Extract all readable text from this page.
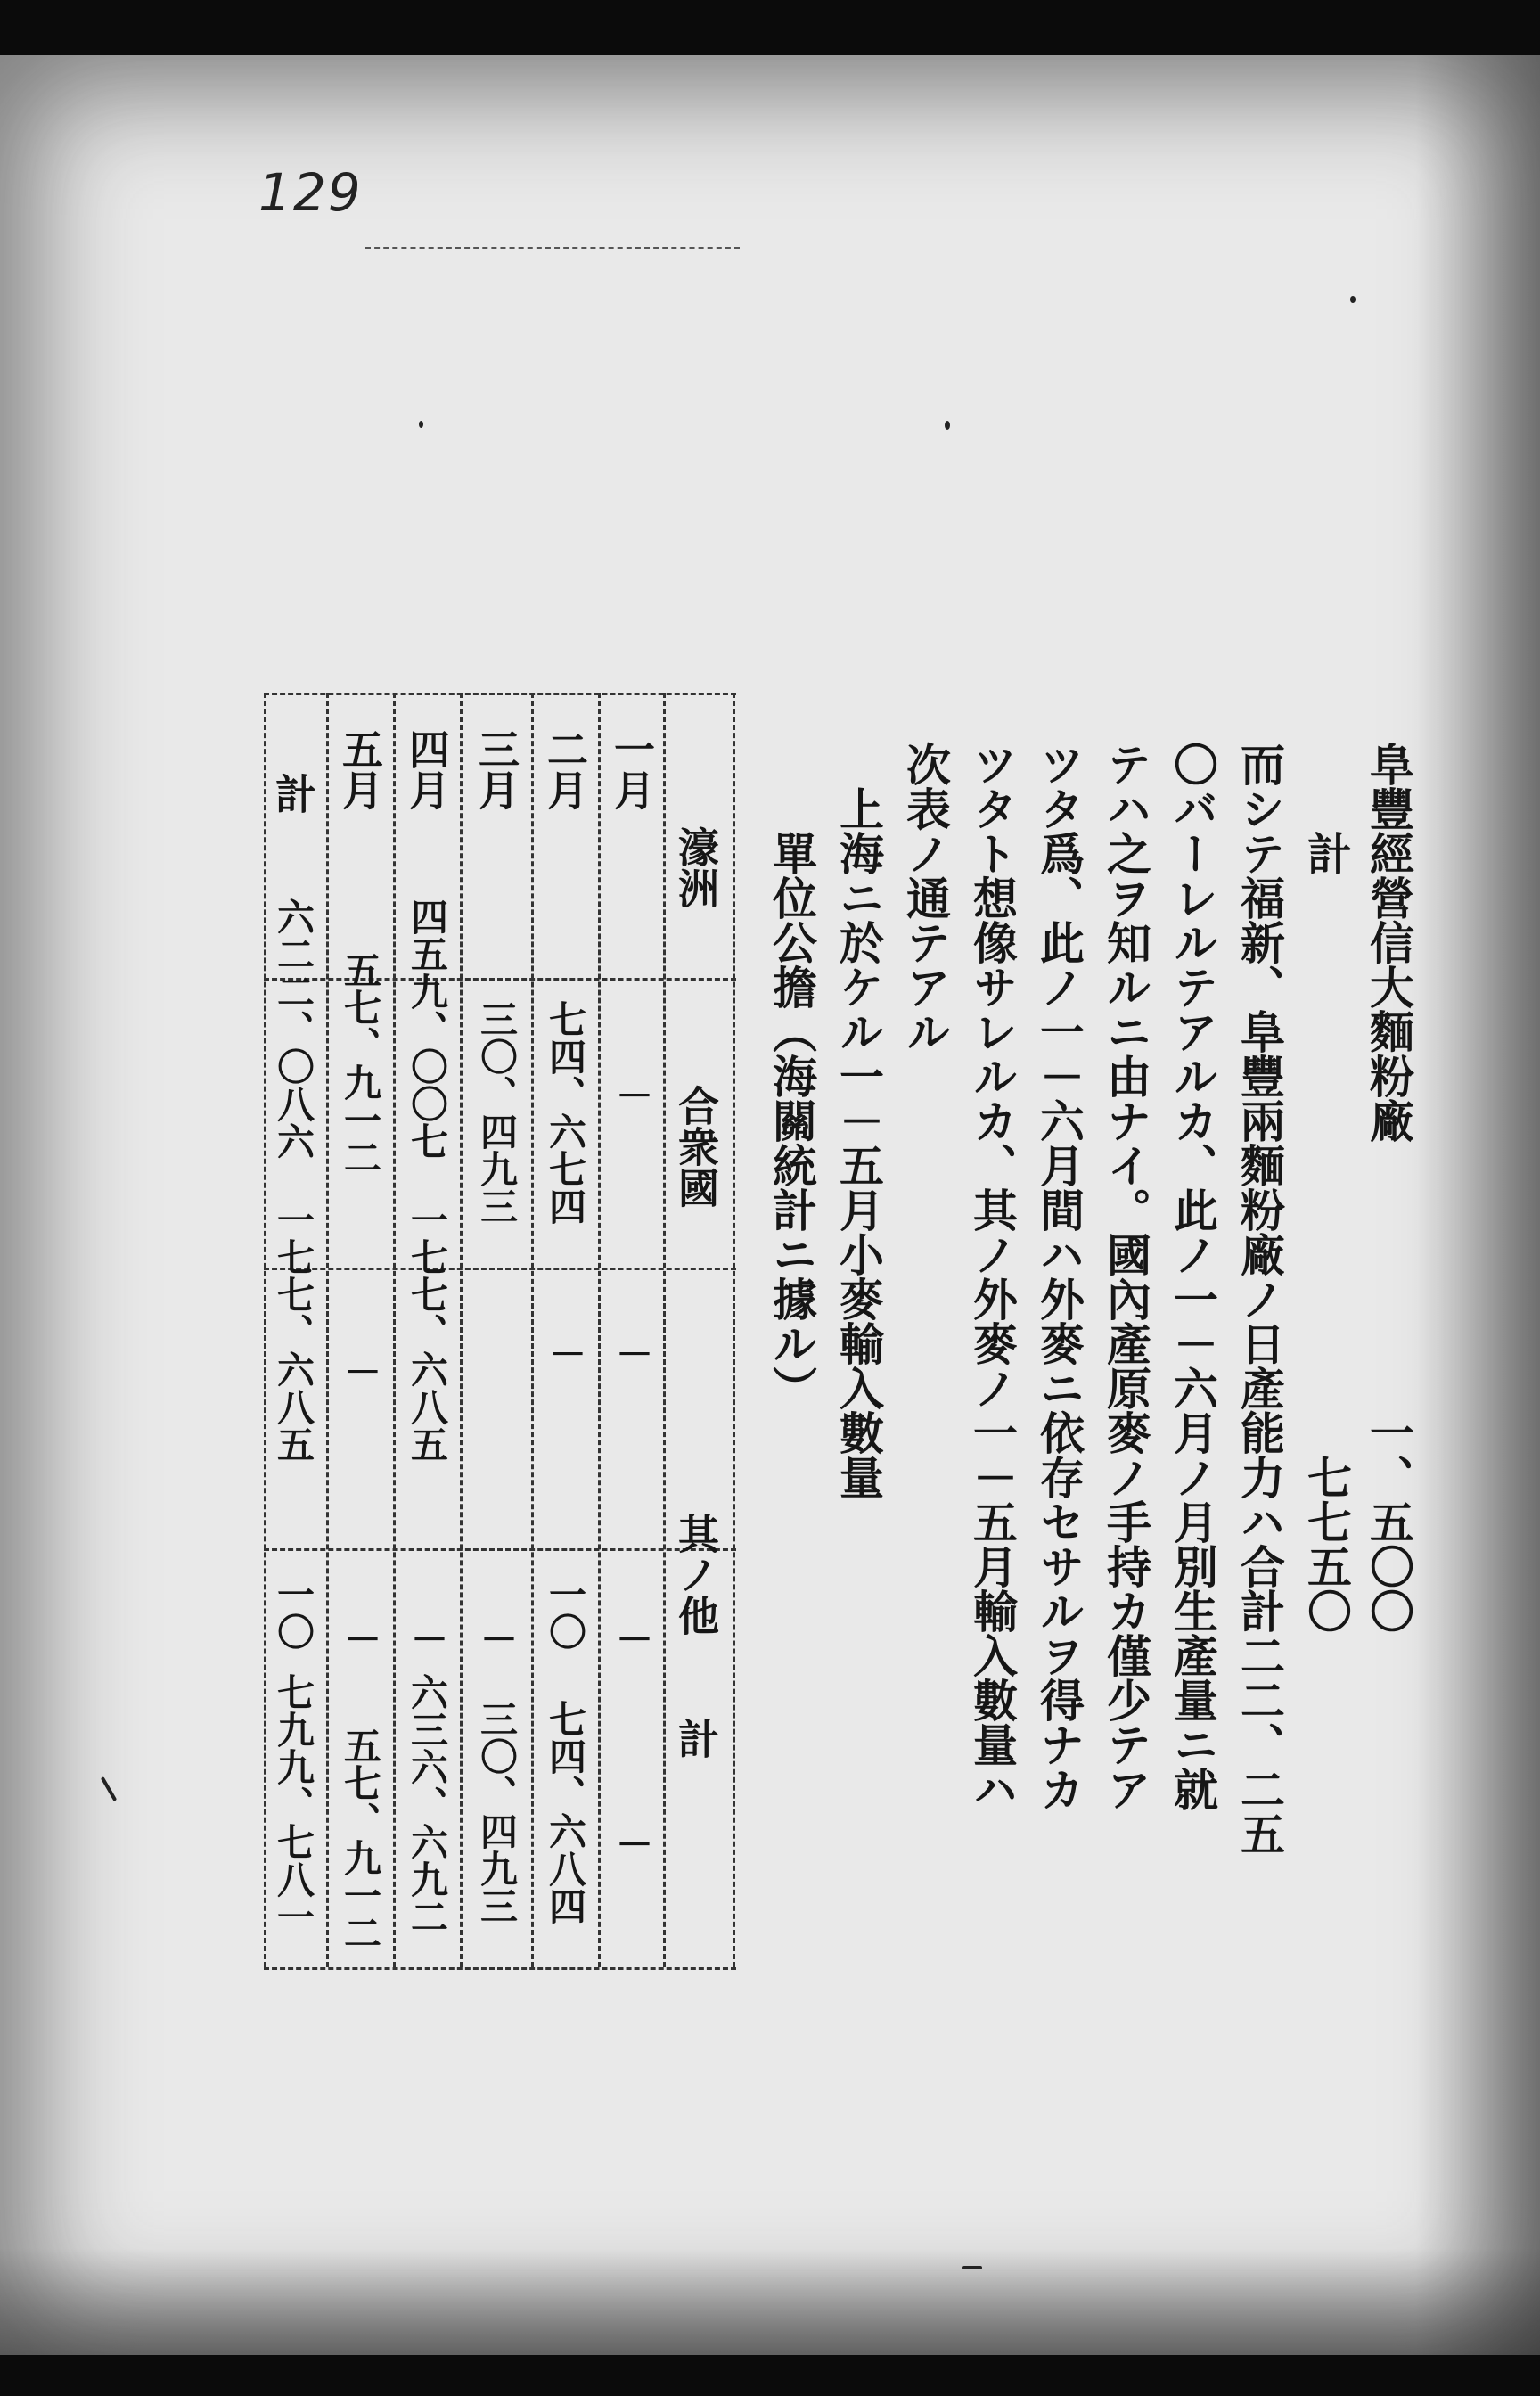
129
阜豐經營信大麵粉廠　　　　　　一、五〇〇
　計　　　　　　　　　　　　　七七五〇
而シテ福新、阜豐兩麵粉廠ノ日產能力ハ合計二二、二五
〇バーレルテアルカ、此ノ一－六月ノ月別生產量ニ就
テハ之ヲ知ルニ由ナイ。國內產原麥ノ手持カ僅少テア
ツタ爲、此ノ一－六月間ハ外麥ニ依存セサルヲ得ナカ
ツタト想像サレルカ、其ノ外麥ノ一－五月輸入數量ハ
次表ノ通テアル
　上海ニ於ケル一－五月小麥輸入數量
　　單位公擔（海關統計ニ據ル）
濠洲
合衆國
其ノ他
計
一月
－
－
－
－
二月
七四、六七四
－
一〇
七四、六八四
三月
三〇、四九三
－
三〇、四九三
四月
四五九、〇〇七
一七七、六八五
－
六三六、六九二
五月
五七、九一二
－
－
五七、九一二
計
六二二、〇八六
一七七、六八五
一〇
七九九、七八一
